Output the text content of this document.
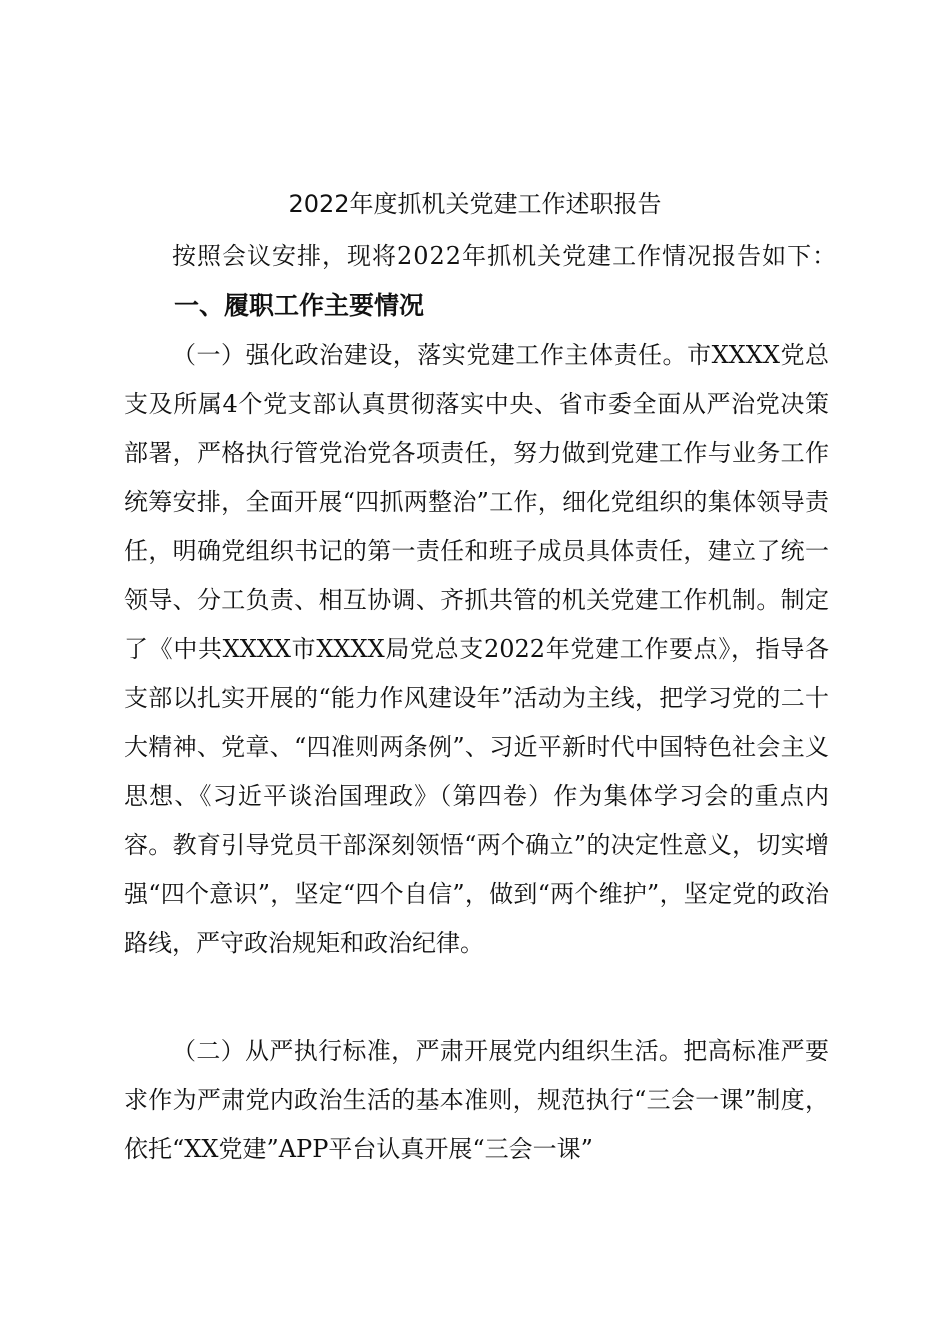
2022年度抓机关党建工作述职报告
按照会议安排，现将2022年抓机关党建工作情况报告如下：
一、履职工作主要情况

（一）强化政治建设，落实党建工作主体责任。市XXXX党总支及所属4个党支部认真贯彻落实中央、省市委全面从严治党决策部署，严格执行管党治党各项责任，努力做到党建工作与业务工作统筹安排，全面开展“四抓两整治”工作，细化党组织的集体领导责任，明确党组织书记的第一责任和班子成员具体责任，建立了统一领导、分工负责、相互协调、齐抓共管的机关党建工作机制。制定了《中共XXXX市XXXX局党总支2022年党建工作要点》，指导各支部以扎实开展的“能力作风建设年”活动为主线，把学习党的二十大精神、党章、“四准则两条例”、习近平新时代中国特色社会主义思想、《习近平谈治国理政》（第四卷）作为集体学习会的重点内容。教育引导党员干部深刻领悟“两个确立”的决定性意义，切实增强“四个意识”，坚定“四个自信”，做到“两个维护”，坚定党的政治路线，严守政治规矩和政治纪律。

（二）从严执行标准，严肃开展党内组织生活。把高标准严要求作为严肃党内政治生活的基本准则，规范执行“三会一课”制度，依托“XX党建”APP平台认真开展“三会一课”
